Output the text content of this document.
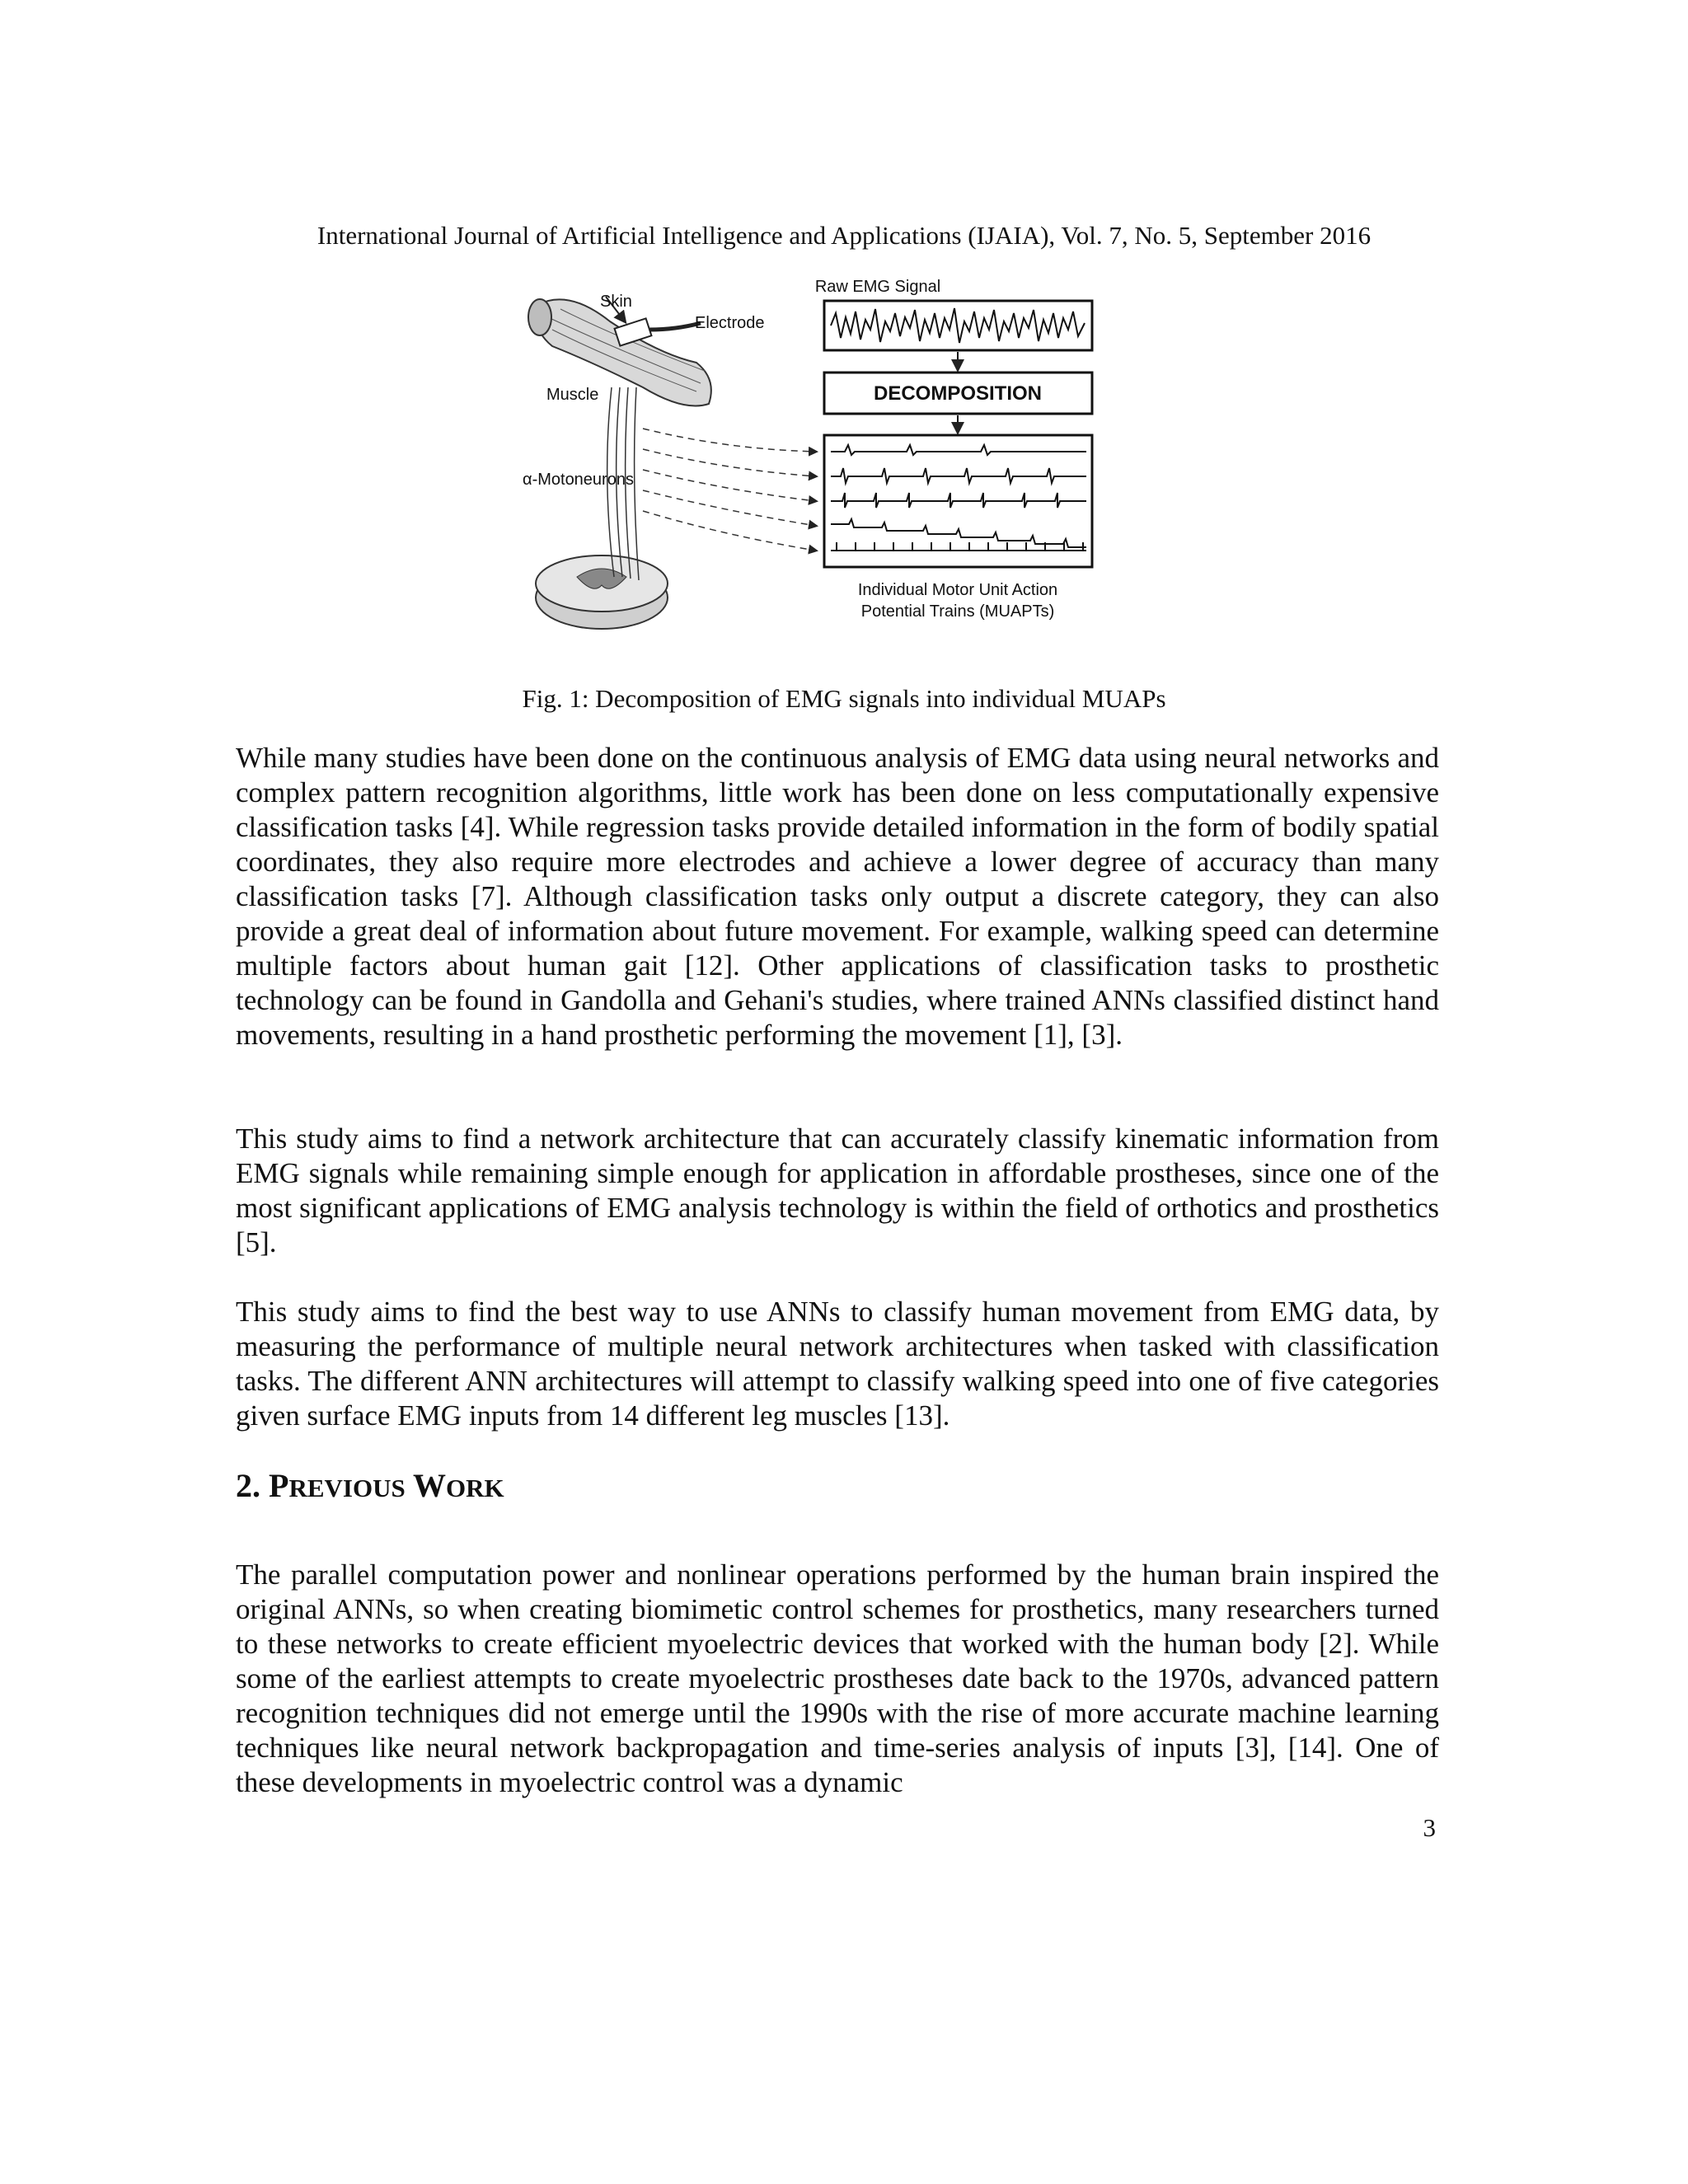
International Journal of Artificial Intelligence and Applications (IJAIA), Vol. 7, No. 5, September 2016
Skin
Electrode
Muscle
α-Motoneurons
Raw EMG Signal
DECOMPOSITION
Individual Motor Unit Action
Potential Trains (MUAPTs)
Fig. 1: Decomposition of EMG signals into individual MUAPs

While many studies have been done on the continuous analysis of EMG data using neural networks and complex pattern recognition algorithms, little work has been done on less computationally expensive classification tasks [4]. While regression tasks provide detailed information in the form of bodily spatial coordinates, they also require more electrodes and achieve a lower degree of accuracy than many classification tasks [7]. Although classification tasks only output a discrete category, they can also provide a great deal of information about future movement. For example, walking speed can determine multiple factors about human gait [12]. Other applications of classification tasks to prosthetic technology can be found in Gandolla and Gehani's studies, where trained ANNs classified distinct hand movements, resulting in a hand prosthetic performing the movement [1], [3].

This study aims to find a network architecture that can accurately classify kinematic information from EMG signals while remaining simple enough for application in affordable prostheses, since one of the most significant applications of EMG analysis technology is within the field of orthotics and prosthetics [5].

This study aims to find the best way to use ANNs to classify human movement from EMG data, by measuring the performance of multiple neural network architectures when tasked with classification tasks. The different ANN architectures will attempt to classify walking speed into one of five categories given surface EMG inputs from 14 different leg muscles [13].

2. PREVIOUS WORK

The parallel computation power and nonlinear operations performed by the human brain inspired the original ANNs, so when creating biomimetic control schemes for prosthetics, many researchers turned to these networks to create efficient myoelectric devices that worked with the human body [2]. While some of the earliest attempts to create myoelectric prostheses date back to the 1970s, advanced pattern recognition techniques did not emerge until the 1990s with the rise of more accurate machine learning techniques like neural network backpropagation and time-series analysis of inputs [3], [14]. One of these developments in myoelectric control was a dynamic

3
